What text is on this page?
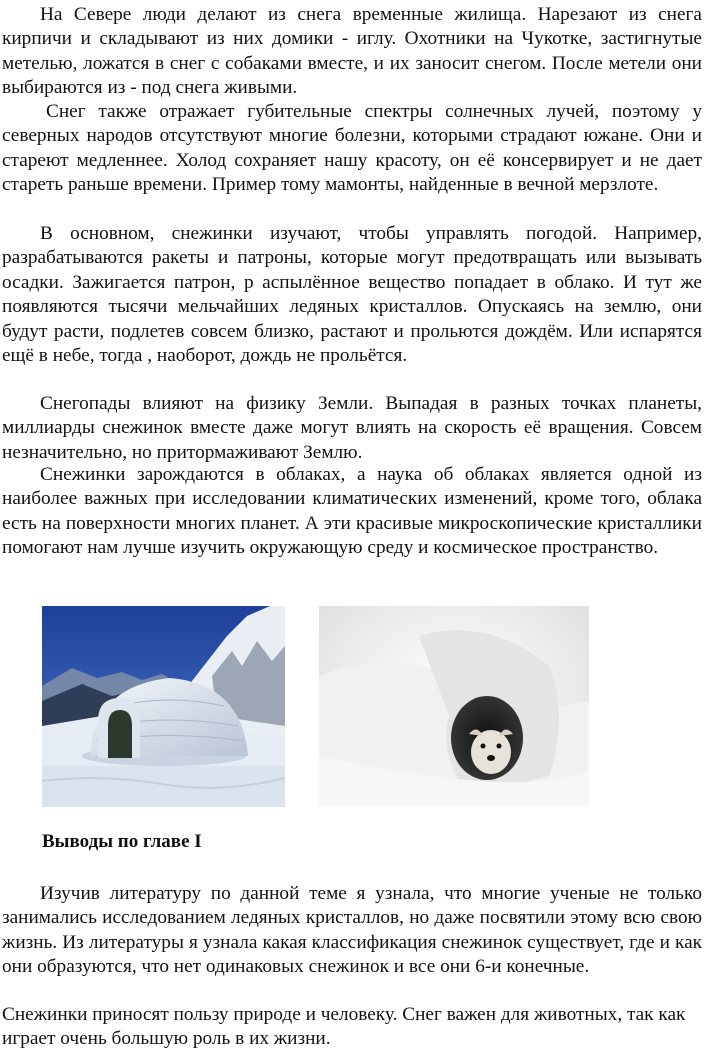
На Севере люди делают из снега временные жилища. Нарезают из снега кирпичи и складывают из них домики - иглу. Охотники на Чукотке, застигнутые метелью, ложатся в снег с собаками вместе, и их заносит снегом. После метели они выбираются из - под снега живыми.

Снег также отражает губительные спектры солнечных лучей, поэтому у северных народов отсутствуют многие болезни, которыми страдают южане. Они и стареют медленнее. Холод сохраняет нашу красоту, он её консервирует и не дает стареть раньше времени. Пример тому мамонты, найденные в вечной мерзлоте.

В основном, снежинки изучают, чтобы управлять погодой. Например, разрабатываются ракеты и патроны, которые могут предотвращать или вызывать осадки. Зажигается патрон, р аспылённое вещество попадает в облако. И тут же появляются тысячи мельчайших ледяных кристаллов. Опускаясь на землю, они будут расти, подлетев совсем близко, растают и прольются дождём. Или испарятся ещё в небе, тогда , наоборот, дождь не прольётся.

Снегопады влияют на физику Земли. Выпадая в разных точках планеты, миллиарды снежинок вместе даже могут влиять на скорость её вращения. Совсем незначительно, но притормаживают Землю.

Снежинки зарождаются в облаках, а наука об облаках является одной из наиболее важных при исследовании климатических изменений, кроме того, облака есть на поверхности многих планет. А эти красивые микроскопические кристаллики помогают нам лучше изучить окружающую среду и космическое пространство.

Выводы по главе I

Изучив литературу по данной теме я узнала, что многие ученые не только занимались исследованием ледяных кристаллов, но даже посвятили этому всю свою жизнь. Из литературы я узнала какая классификация снежинок существует, где и как они образуются, что нет одинаковых снежинок и все они 6-и конечные.

Снежинки приносят пользу природе и человеку. Снег важен для животных, так как играет очень большую роль в их жизни.
